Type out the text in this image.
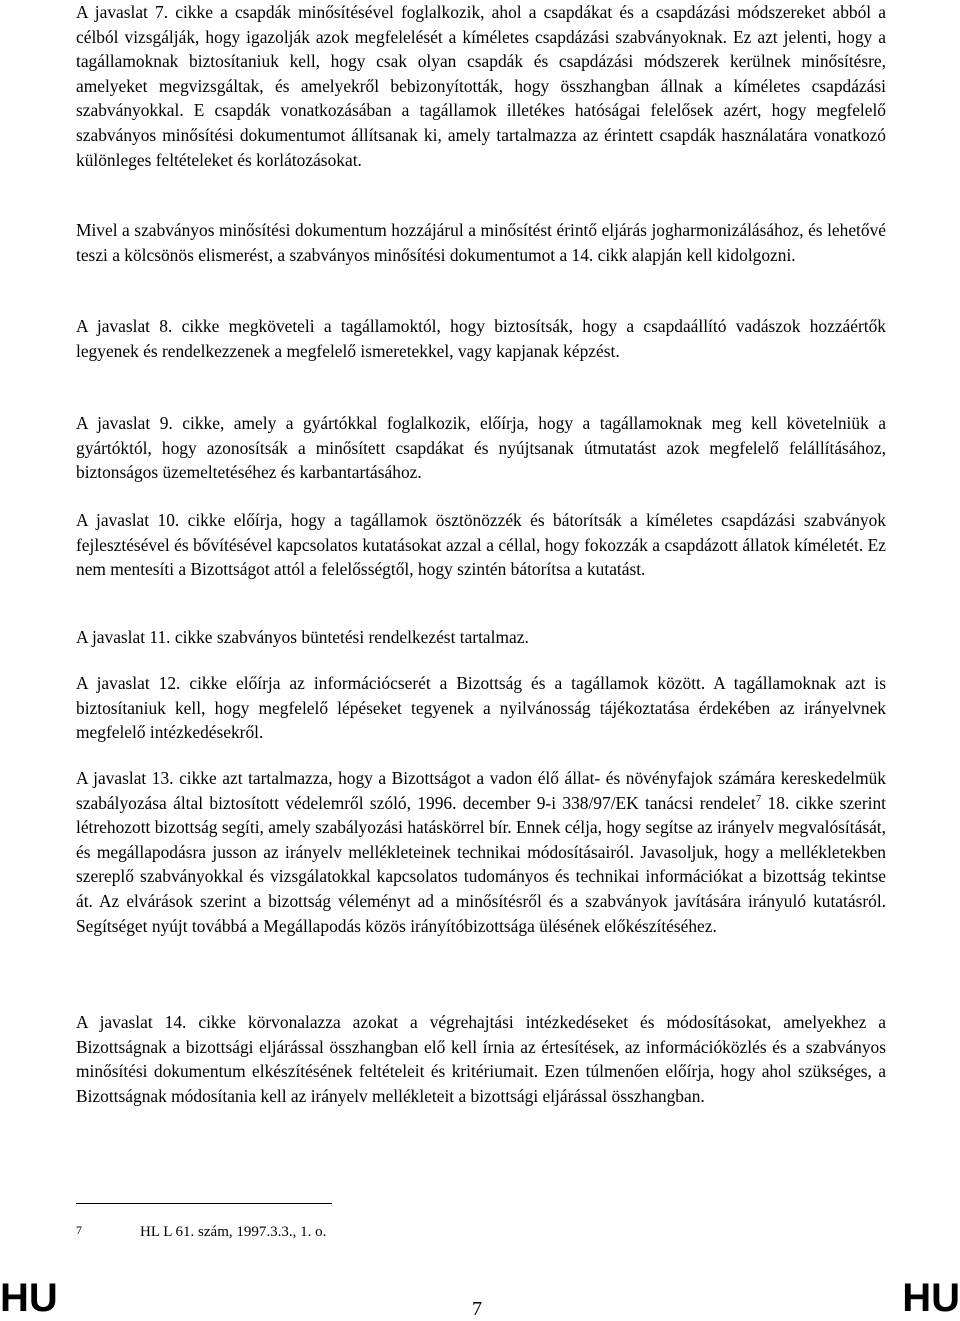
A javaslat 7. cikke a csapdák minősítésével foglalkozik, ahol a csapdákat és a csapdázási módszereket abból a célból vizsgálják, hogy igazolják azok megfelelését a kíméletes csapdázási szabványoknak. Ez azt jelenti, hogy a tagállamoknak biztosítaniuk kell, hogy csak olyan csapdák és csapdázási módszerek kerülnek minősítésre, amelyeket megvizsgáltak, és amelyekről bebizonyították, hogy összhangban állnak a kíméletes csapdázási szabványokkal. E csapdák vonatkozásában a tagállamok illetékes hatóságai felelősek azért, hogy megfelelő szabványos minősítési dokumentumot állítsanak ki, amely tartalmazza az érintett csapdák használatára vonatkozó különleges feltételeket és korlátozásokat.

Mivel a szabványos minősítési dokumentum hozzájárul a minősítést érintő eljárás jogharmonizálásához, és lehetővé teszi a kölcsönös elismerést, a szabványos minősítési dokumentumot a 14. cikk alapján kell kidolgozni.

A javaslat 8. cikke megköveteli a tagállamoktól, hogy biztosítsák, hogy a csapdaállító vadászok hozzáértők legyenek és rendelkezzenek a megfelelő ismeretekkel, vagy kapjanak képzést.

A javaslat 9. cikke, amely a gyártókkal foglalkozik, előírja, hogy a tagállamoknak meg kell követelniük a gyártóktól, hogy azonosítsák a minősített csapdákat és nyújtsanak útmutatást azok megfelelő felállításához, biztonságos üzemeltetéséhez és karbantartásához.

A javaslat 10. cikke előírja, hogy a tagállamok ösztönözzék és bátorítsák a kíméletes csapdázási szabványok fejlesztésével és bővítésével kapcsolatos kutatásokat azzal a céllal, hogy fokozzák a csapdázott állatok kíméletét. Ez nem mentesíti a Bizottságot attól a felelősségtől, hogy szintén bátorítsa a kutatást.

A javaslat 11. cikke szabványos büntetési rendelkezést tartalmaz.

A javaslat 12. cikke előírja az információcserét a Bizottság és a tagállamok között. A tagállamoknak azt is biztosítaniuk kell, hogy megfelelő lépéseket tegyenek a nyilvánosság tájékoztatása érdekében az irányelvnek megfelelő intézkedésekről.

A javaslat 13. cikke azt tartalmazza, hogy a Bizottságot a vadon élő állat- és növényfajok számára kereskedelmük szabályozása által biztosított védelemről szóló, 1996. december 9-i 338/97/EK tanácsi rendelet$^7$ 18. cikke szerint létrehozott bizottság segíti, amely szabályozási hatáskörrel bír. Ennek célja, hogy segítse az irányelv megvalósítását, és megállapodásra jusson az irányelv mellékleteinek technikai módosításairól. Javasoljuk, hogy a mellékletekben szereplő szabványokkal és vizsgálatokkal kapcsolatos tudományos és technikai információkat a bizottság tekintse át. Az elvárások szerint a bizottság véleményt ad a minősítésről és a szabványok javítására irányuló kutatásról. Segítséget nyújt továbbá a Megállapodás közös irányítóbizottsága ülésének előkészítéséhez.

A javaslat 14. cikke körvonalazza azokat a végrehajtási intézkedéseket és módosításokat, amelyekhez a Bizottságnak a bizottsági eljárással összhangban elő kell írnia az értesítések, az információközlés és a szabványos minősítési dokumentum elkészítésének feltételeit és kritériumait. Ezen túlmenően előírja, hogy ahol szükséges, a Bizottságnak módosítania kell az irányelv mellékleteit a bizottsági eljárással összhangban.

7	HL L 61. szám, 1997.3.3., 1. o.
HU	7	HU
